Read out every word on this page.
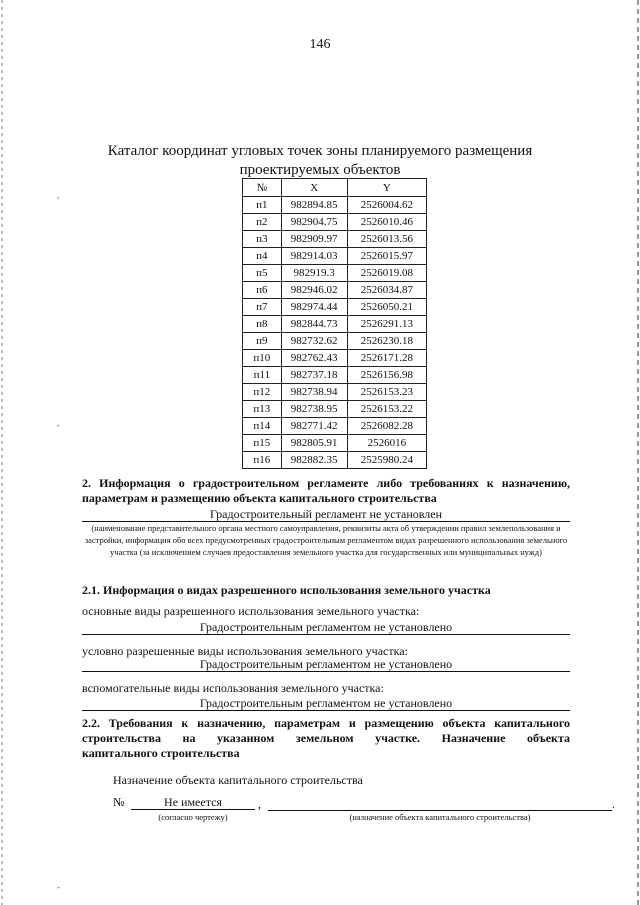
,
-
-
146
Каталог координат угловых точек зоны планируемого размещения проектируемых объектов
№	X	Y
п1	982894.85	2526004.62
п2	982904.75	2526010.46
п3	982909.97	2526013.56
п4	982914.03	2526015.97
п5	982919.3	2526019.08
п6	982946.02	2526034.87
п7	982974.44	2526050.21
п8	982844.73	2526291.13
п9	982732.62	2526230.18
п10	982762.43	2526171.28
п11	982737.18	2526156.98
п12	982738.94	2526153.23
п13	982738.95	2526153.22
п14	982771.42	2526082.28
п15	982805.91	2526016
п16	982882.35	2525980.24
2. Информация о градостроительном регламенте либо требованиях к назначению, параметрам и размещению объекта капитального строительства
Градостроительный регламент не установлен
(наименование представительного органа местного самоуправления, реквизиты акта об утверждении правил землепользования и застройки, информация обо всех предусмотренных градостроительным регламентом видах разрешенного использования земельного участка (за исключением случаев предоставления земельного участка для государственных или муниципальных нужд)
2.1. Информация о видах разрешенного использования земельного участка
основные виды разрешенного использования земельного участка:
Градостроительным регламентом не установлено
условно разрешенные виды использования земельного участка:
Градостроительным регламентом не установлено
вспомогательные виды использования земельного участка:
Градостроительным регламентом не установлено
2.2. Требования к назначению, параметрам и размещению объекта капитального строительства на указанном земельном участке. Назначение объекта
капитального строительства
Назначение объекта капитального строительства
№	Не имеется	,	.
(согласно чертежу)	(назначение объекта капитального строительства)
